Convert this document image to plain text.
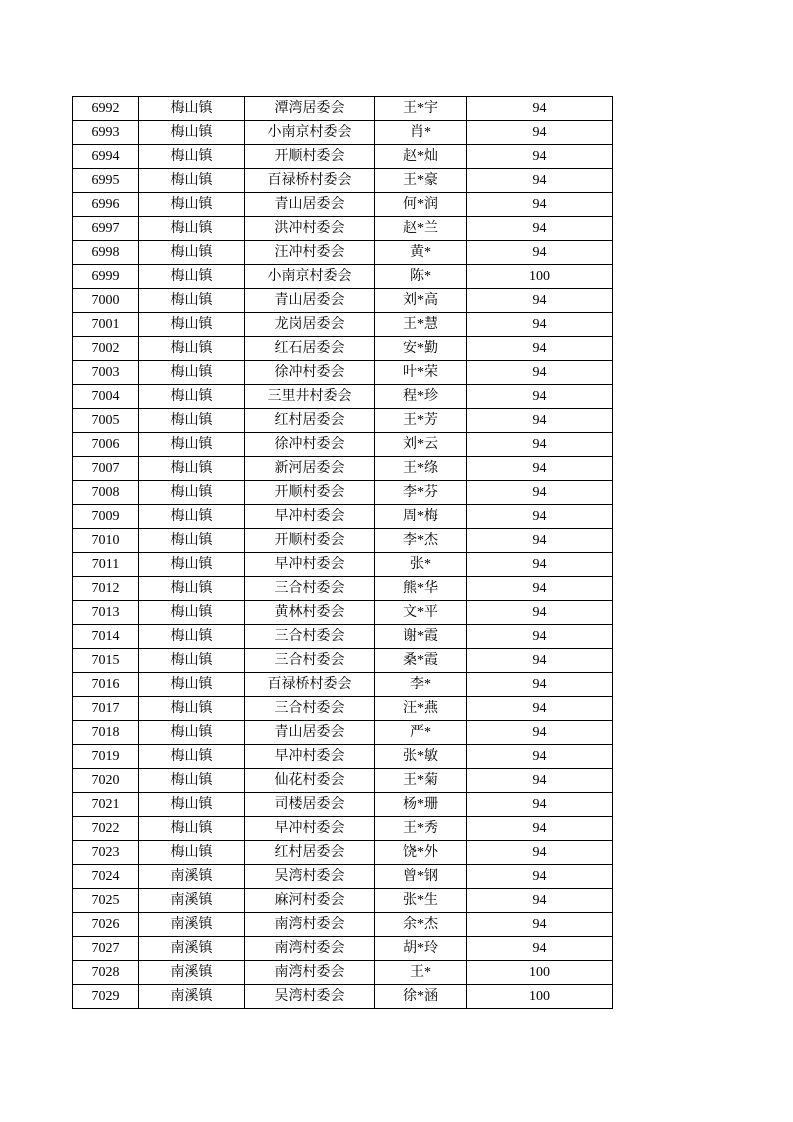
6992	梅山镇	潭湾居委会	王*宇	94
6993	梅山镇	小南京村委会	肖*	94
6994	梅山镇	开顺村委会	赵*灿	94
6995	梅山镇	百禄桥村委会	王*豪	94
6996	梅山镇	青山居委会	何*润	94
6997	梅山镇	洪冲村委会	赵*兰	94
6998	梅山镇	汪冲村委会	黄*	94
6999	梅山镇	小南京村委会	陈*	100
7000	梅山镇	青山居委会	刘*高	94
7001	梅山镇	龙岗居委会	王*慧	94
7002	梅山镇	红石居委会	安*勤	94
7003	梅山镇	徐冲村委会	叶*荣	94
7004	梅山镇	三里井村委会	程*珍	94
7005	梅山镇	红村居委会	王*芳	94
7006	梅山镇	徐冲村委会	刘*云	94
7007	梅山镇	新河居委会	王*绦	94
7008	梅山镇	开顺村委会	李*芬	94
7009	梅山镇	早冲村委会	周*梅	94
7010	梅山镇	开顺村委会	李*杰	94
7011	梅山镇	早冲村委会	张*	94
7012	梅山镇	三合村委会	熊*华	94
7013	梅山镇	黄林村委会	文*平	94
7014	梅山镇	三合村委会	谢*霞	94
7015	梅山镇	三合村委会	桑*霞	94
7016	梅山镇	百禄桥村委会	李*	94
7017	梅山镇	三合村委会	汪*燕	94
7018	梅山镇	青山居委会	严*	94
7019	梅山镇	早冲村委会	张*敏	94
7020	梅山镇	仙花村委会	王*菊	94
7021	梅山镇	司楼居委会	杨*珊	94
7022	梅山镇	早冲村委会	王*秀	94
7023	梅山镇	红村居委会	饶*外	94
7024	南溪镇	吴湾村委会	曾*钢	94
7025	南溪镇	麻河村委会	张*生	94
7026	南溪镇	南湾村委会	余*杰	94
7027	南溪镇	南湾村委会	胡*玲	94
7028	南溪镇	南湾村委会	王*	100
7029	南溪镇	吴湾村委会	徐*涵	100
